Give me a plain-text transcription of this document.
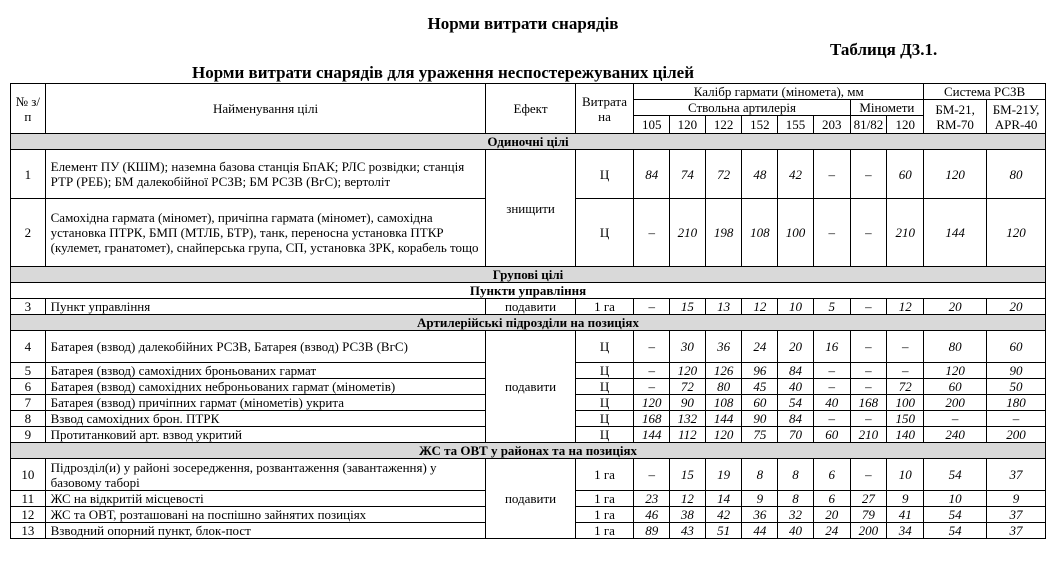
Норми витрати снарядів
Таблиця Д3.1.
Норми витрати снарядів для ураження неспостережуваних цілей
№ з/п	Найменування цілі	Ефект	Витрата на	Калібр гармати (міномета), мм								Система РСЗВ	
				Ствольна артилерія						Міномети		БМ-21, RM-70	БМ-21У, APR-40
				105	120	122	152	155	203	81/82	120		
Одиночні цілі													
1	Елемент ПУ (КШМ); наземна базова станція БпАК; РЛС розвідки; станція РТР (РЕБ); БМ далекобійної РСЗВ; БМ РСЗВ (ВгС); вертоліт	знищити	Ц	84	74	72	48	42	–	–	60	120	80
2	Самохідна гармата (міномет), причіпна гармата (міномет), самохідна установка ПТРК, БМП (МТЛБ, БТР), танк, переносна установка ПТКР (кулемет, гранатомет), снайперська група, СП, установка ЗРК, корабель тощо		Ц	–	210	198	108	100	–	–	210	144	120
Групові цілі													
Пункти управління													
3	Пункт управління	подавити	1 га	–	15	13	12	10	5	–	12	20	20
Артилерійські підрозділи на позиціях													
4	Батарея (взвод) далекобійних РСЗВ, Батарея (взвод) РСЗВ (ВгС)	подавити	Ц	–	30	36	24	20	16	–	–	80	60
5	Батарея (взвод) самохідних броньованих гармат		Ц	–	120	126	96	84	–	–	–	120	90
6	Батарея (взвод) самохідних неброньованих гармат (мінометів)		Ц	–	72	80	45	40	–	–	72	60	50
7	Батарея (взвод) причіпних гармат (мінометів) укрита		Ц	120	90	108	60	54	40	168	100	200	180
8	Взвод самохідних брон. ПТРК		Ц	168	132	144	90	84	–	–	150	–	–
9	Протитанковий арт. взвод укритий		Ц	144	112	120	75	70	60	210	140	240	200
ЖС та ОВТ у районах та на позиціях													
10	Підрозділ(и) у районі зосередження, розвантаження (завантаження) у базовому таборі	подавити	1 га	–	15	19	8	8	6	–	10	54	37
11	ЖС на відкритій місцевості		1 га	23	12	14	9	8	6	27	9	10	9
12	ЖС та ОВТ, розташовані на поспішно зайнятих позиціях		1 га	46	38	42	36	32	20	79	41	54	37
13	Взводний опорний пункт, блок-пост		1 га	89	43	51	44	40	24	200	34	54	37
